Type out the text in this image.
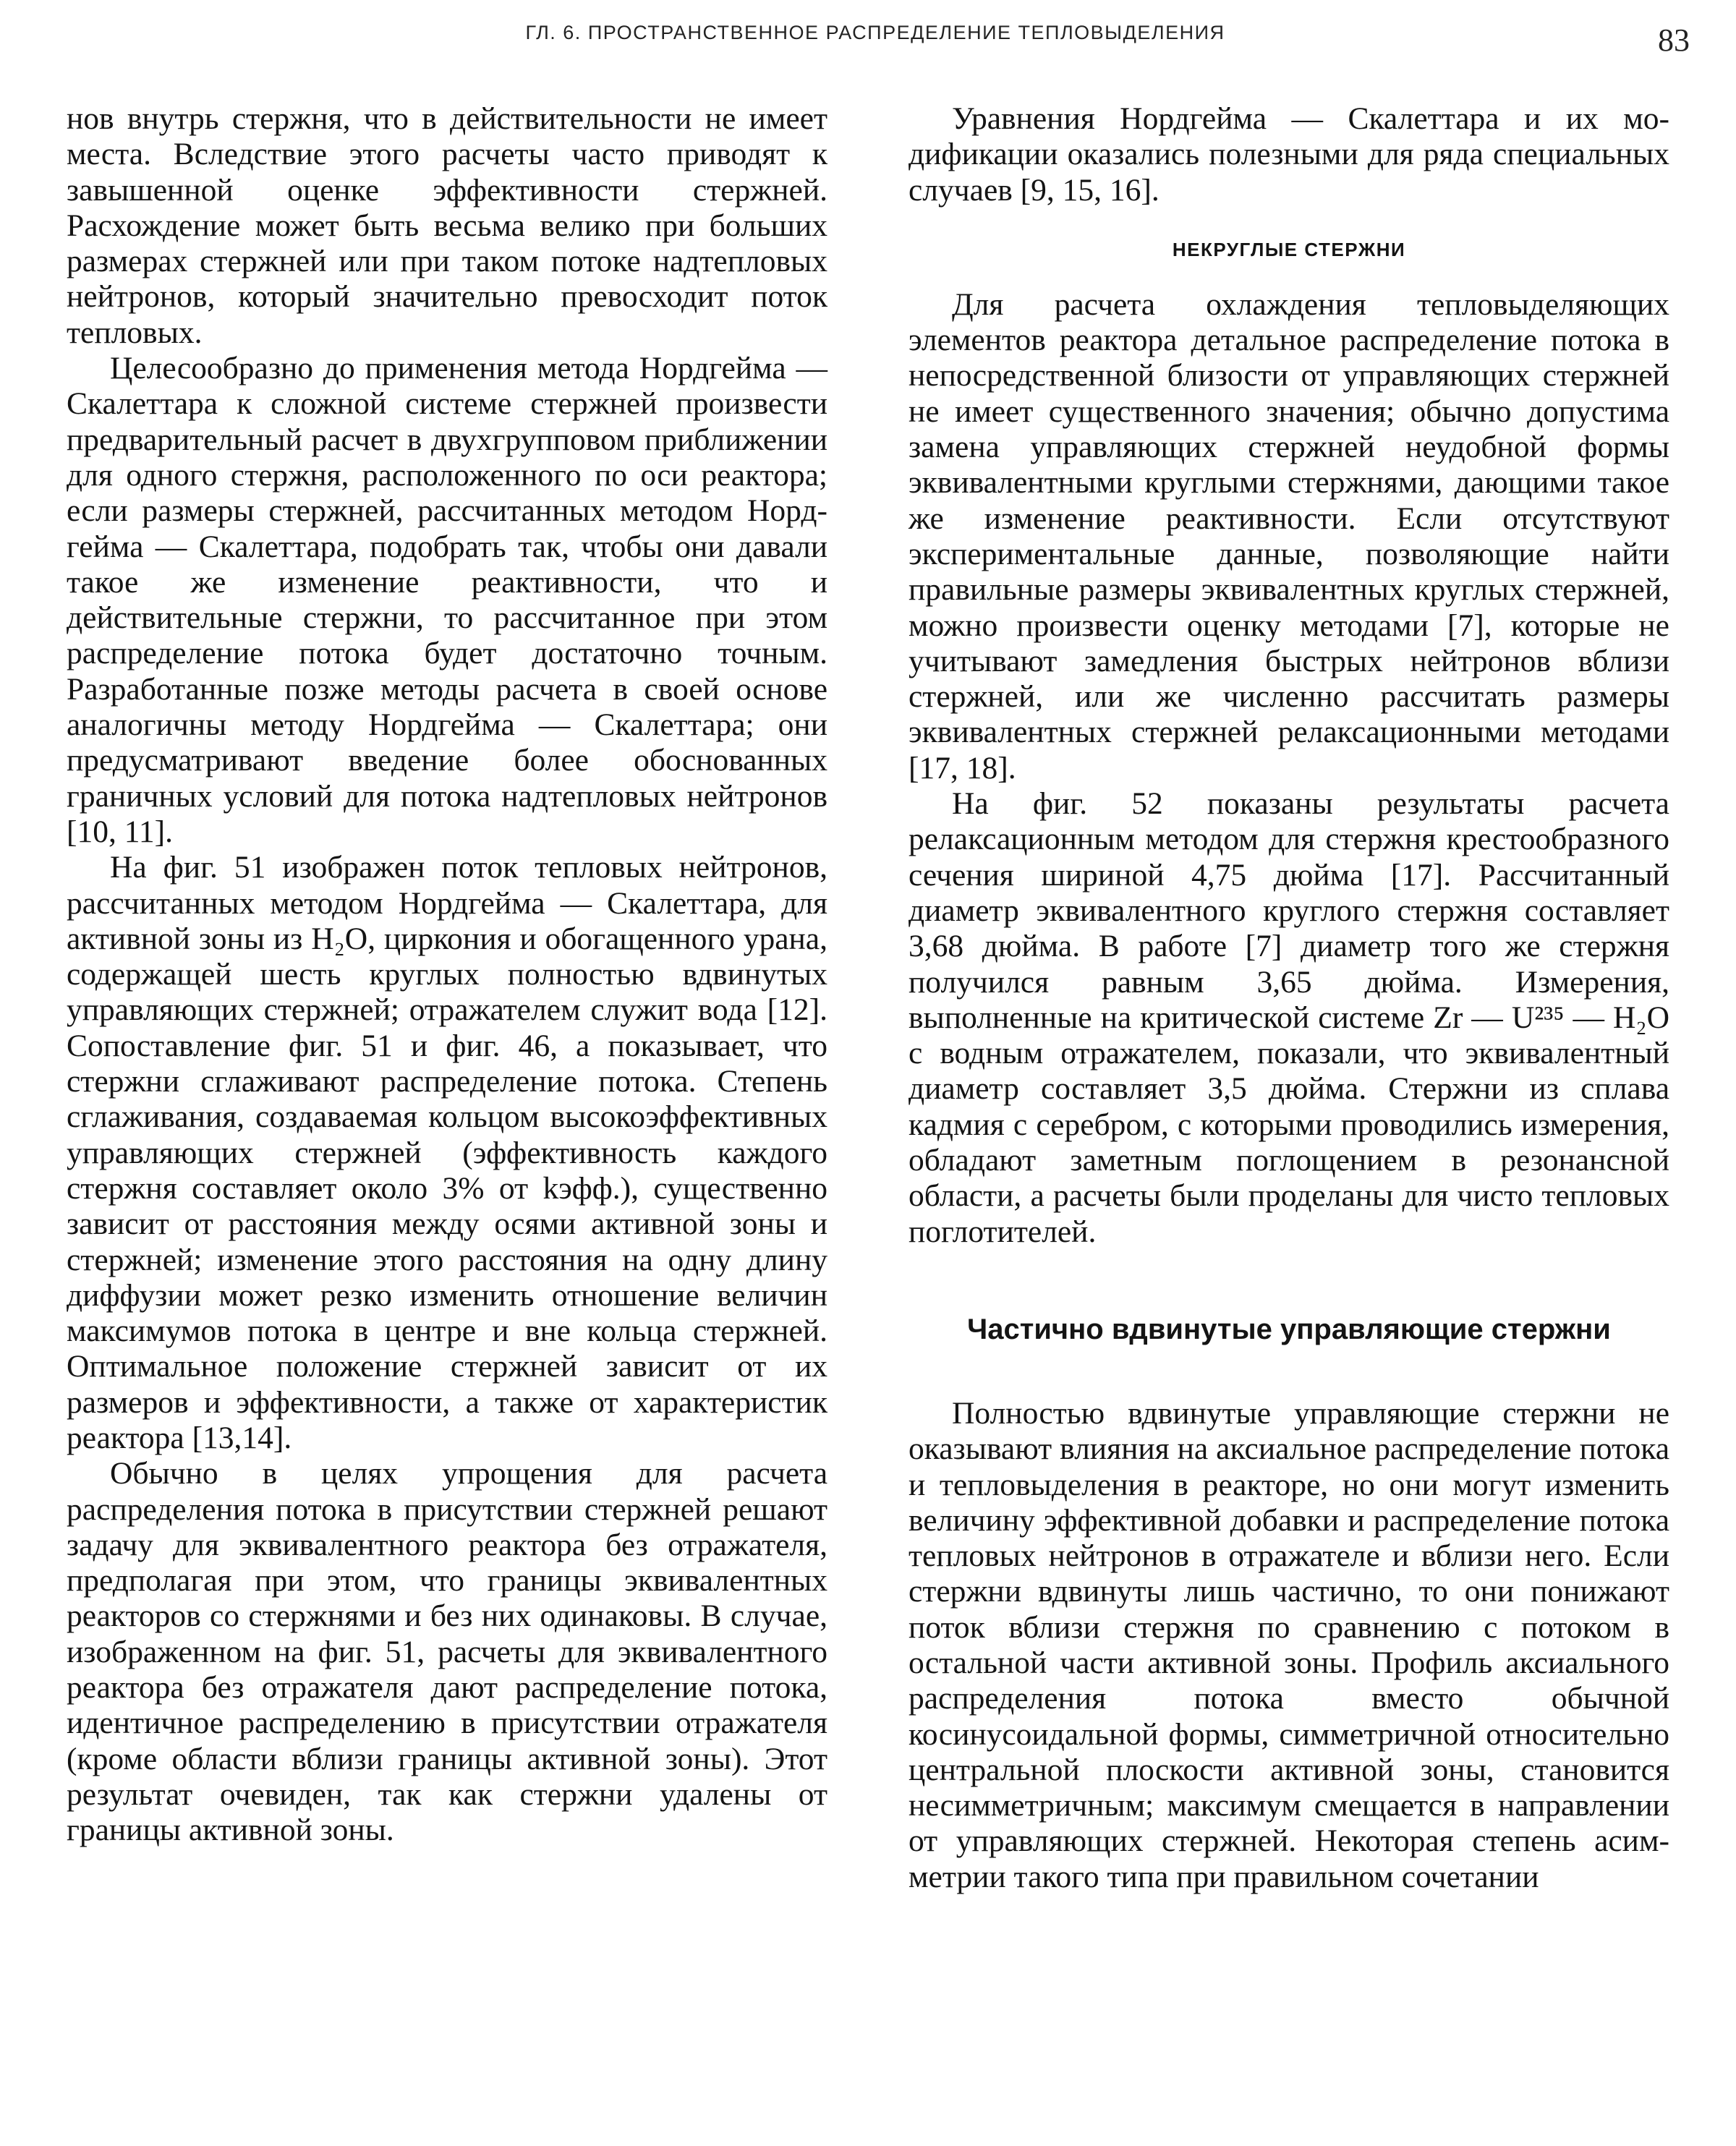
ГЛ. 6. ПРОСТРАНСТВЕННОЕ РАСПРЕДЕЛЕНИЕ ТЕПЛОВЫДЕЛЕНИЯ	83

нов внутрь стержня, что в действительности не имеет места. Вследствие этого расчеты часто приводят к завышенной оценке эффективности стержней. Расхождение может быть весьма велико при больших размерах стержней или при таком потоке надтепловых нейтронов, который значительно превосходит поток тепловых.

Целесообразно до применения метода Нордгейма — Скалеттара к сложной системе стержней произвести предварительный расчет в двухгрупповом приближении для одного стержня, расположенного по оси реактора; если размеры стержней, рассчитанных методом Нордгейма — Скалеттара, подобрать так, чтобы они давали такое же изменение реактивности, что и действительные стержни, то рассчитанное при этом распределение потока будет достаточно точным. Разработанные позже методы расчета в своей основе аналогичны методу Нордгейма — Скалеттара; они предусматривают введение более обоснованных граничных условий для потока надтепловых нейтронов [10, 11].

На фиг. 51 изображен поток тепловых нейтронов, рассчитанных методом Нордгейма — Скалеттара, для активной зоны из H₂O, циркония и обогащенного урана, содержащей шесть круглых полностью вдвинутых управляющих стержней; отражателем служит вода [12]. Сопоставление фиг. 51 и фиг. 46, а показывает, что стержни сглаживают распределение потока. Степень сглаживания, создаваемая кольцом высокоэффективных управляющих стержней (эффективность каждого стержня составляет около 3% от kэфф.), существенно зависит от расстояния между осями активной зоны и стержней; изменение этого расстояния на одну длину диффузии может резко изменить отношение величин максимумов потока в центре и вне кольца стержней. Оптимальное положение стержней зависит от их размеров и эффективности, а также от характеристик реактора [13,14].

Обычно в целях упрощения для расчета распределения потока в присутствии стержней решают задачу для эквивалентного реактора без отражателя, предполагая при этом, что границы эквивалентных реакторов со стержнями и без них одинаковы. В случае, изображенном на фиг. 51, расчеты для эквивалентного реактора без отражателя дают распределение потока, идентичное распределению в присутствии отражателя (кроме области вблизи границы активной зоны). Этот результат очевиден, так как стержни удалены от границы активной зоны.

Уравнения Нордгейма — Скалеттара и их модификации оказались полезными для ряда специальных случаев [9, 15, 16].

НЕКРУГЛЫЕ СТЕРЖНИ

Для расчета охлаждения тепловыделяющих элементов реактора детальное распределение потока в непосредственной близости от управляющих стержней не имеет существенного значения; обычно допустима замена управляющих стержней неудобной формы эквивалентными круглыми стержнями, дающими такое же изменение реактивности. Если отсутствуют экспериментальные данные, позволяющие найти правильные размеры эквивалентных круглых стержней, можно произвести оценку методами [7], которые не учитывают замедления быстрых нейтронов вблизи стержней, или же численно рассчитать размеры эквивалентных стержней релаксационными методами [17, 18].

На фиг. 52 показаны результаты расчета релаксационным методом для стержня крестообразного сечения шириной 4,75 дюйма [17]. Рассчитанный диаметр эквивалентного круглого стержня составляет 3,68 дюйма. В работе [7] диаметр того же стержня получился равным 3,65 дюйма. Измерения, выполненные на критической системе Zr — U²³⁵ — H₂O с водным отражателем, показали, что эквивалентный диаметр составляет 3,5 дюйма. Стержни из сплава кадмия с серебром, с которыми проводились измерения, обладают заметным поглощением в резонансной области, а расчеты были проделаны для чисто тепловых поглотителей.

Частично вдвинутые управляющие стержни

Полностью вдвинутые управляющие стержни не оказывают влияния на аксиальное распределение потока и тепловыделения в реакторе, но они могут изменить величину эффективной добавки и распределение потока тепловых нейтронов в отражателе и вблизи него. Если стержни вдвинуты лишь частично, то они понижают поток вблизи стержня по сравнению с потоком в остальной части активной зоны. Профиль аксиального распределения потока вместо обычной косинусоидальной формы, симметричной относительно центральной плоскости активной зоны, становится несимметричным; максимум смещается в направлении от управляющих стержней. Некоторая степень асимметрии такого типа при правильном сочетании
